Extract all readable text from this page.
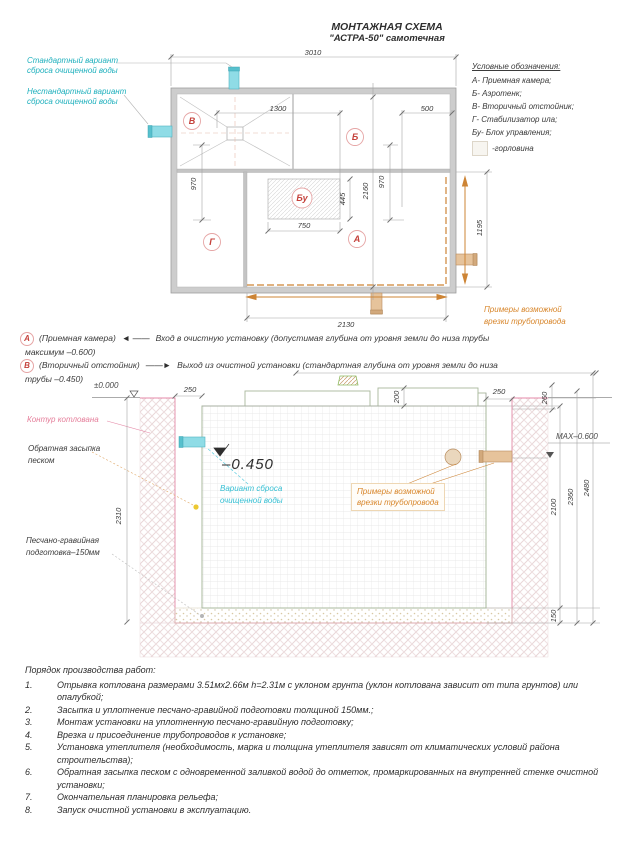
В
Б
Г	А
Бу
3010
1300	500
750
2130
970	2160
970
445
1195
±0.000	250	250
200	260
2310
2100
2360
2480
150
МАХ–0.600
МОНТАЖНАЯ СХЕМА
"АСТРА-50" самотечная
Стандартный вариант
сброса очищенной воды
Нестандартный вариант
сброса очищенной воды
Условные обозначения:
А- Приемная камера;
Б- Аэротенк;
В- Вторичный отстойник;
Г- Стабилизатор ила;
Бу- Блок управления;
-горловина
Примеры возможной
врезки трубопровода
А (Приемная камера) ◄ —— Вход в очистную установку (допустимая глубина от уровня земли до низа трубы
максимум –0.600)
В (Вторичный отстойник) ——► Выход из очистной установки (стандартная глубина от уровня земли до низа
трубы –0.450)
Контур котлована
Обратная засыпка
песком	–0.450
Вариант сброса
очищенной воды
Примеры возможной
врезки трубопровода
Песчано-гравийная
подготовка–150мм
Порядок производства работ:
1.	Отрывка котлована размерами 3.51мх2.66м h=2.31м с уклоном грунта (уклон котлована зависит от типа грунтов) или опалубкой;
2.	Засыпка и уплотнение песчано-гравийной подготовки толщиной 150мм.;
3.	Монтаж установки на уплотненную песчано-гравийную подготовку;
4.	Врезка и присоединение трубопроводов к установке;
5.	Установка утеплителя (необходимость, марка и толщина утеплителя зависят от климатических условий района строительства);
6.	Обратная засыпка песком с одновременной заливкой водой до отметок, промаркированных на внутренней стенке очистной установки;
7.	Окончательная планировка рельефа;
8.	Запуск очистной установки в эксплуатацию.
